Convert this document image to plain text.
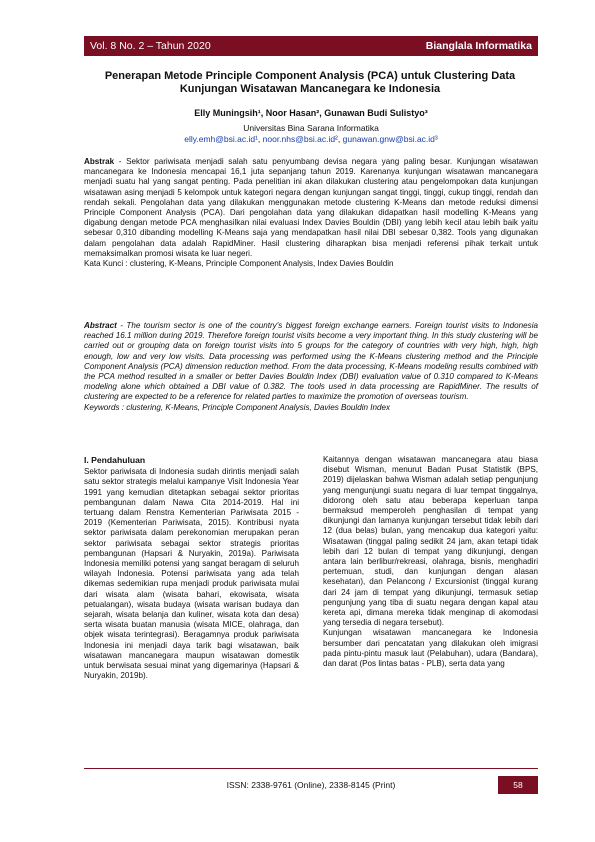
Vol. 8 No. 2 – Tahun 2020	Bianglala Informatika
Penerapan Metode Principle Component Analysis (PCA) untuk Clustering Data Kunjungan Wisatawan Mancanegara ke Indonesia
Elly Muningsih¹, Noor Hasan², Gunawan Budi Sulistyo³
Universitas Bina Sarana Informatika
elly.emh@bsi.ac.id¹, noor.nhs@bsi.ac.id², gunawan.gnw@bsi.ac.id³
Abstrak - Sektor pariwisata menjadi salah satu penyumbang devisa negara yang paling besar. Kunjungan wisatawan mancanegara ke Indonesia mencapai 16,1 juta sepanjang tahun 2019. Karenanya kunjungan wisatawan mancanegara menjadi suatu hal yang sangat penting. Pada penelitian ini akan dilakukan clustering atau pengelompokan data kunjungan wisatawan asing menjadi 5 kelompok untuk kategori negara dengan kunjungan sangat tinggi, tinggi, cukup tinggi, rendah dan rendah sekali. Pengolahan data yang dilakukan menggunakan metode clustering K-Means dan metode reduksi dimensi Principle Component Analysis (PCA). Dari pengolahan data yang dilakukan didapatkan hasil modelling K-Means yang digabung dengan metode PCA menghasilkan nilai evaluasi Index Davies Bouldin (DBI) yang lebih kecil atau lebih baik yaitu sebesar 0,310 dibanding modelling K-Means saja yang mendapatkan hasil nilai DBI sebesar 0,382. Tools yang digunakan dalam pengolahan data adalah RapidMiner. Hasil clustering diharapkan bisa menjadi referensi pihak terkait untuk memaksimalkan promosi wisata ke luar negeri.
Kata Kunci : clustering, K-Means, Principle Component Analysis, Index Davies Bouldin
Abstract - The tourism sector is one of the country's biggest foreign exchange earners. Foreign tourist visits to Indonesia reached 16.1 million during 2019. Therefore foreign tourist visits become a very important thing. In this study clustering will be carried out or grouping data on foreign tourist visits into 5 groups for the category of countries with very high, high, high enough, low and very low visits. Data processing was performed using the K-Means clustering method and the Principle Component Analysis (PCA) dimension reduction method. From the data processing, K-Means modeling results combined with the PCA method resulted in a smaller or better Davies Bouldin Index (DBI) evaluation value of 0.310 compared to K-Means modeling alone which obtained a DBI value of 0.382. The tools used in data processing are RapidMiner. The results of clustering are expected to be a reference for related parties to maximize the promotion of overseas tourism.
Keywords : clustering, K-Means, Principle Component Analysis, Davies Bouldin Index
I. Pendahuluan
Sektor pariwisata di Indonesia sudah dirintis menjadi salah satu sektor strategis melalui kampanye Visit Indonesia Year 1991 yang kemudian ditetapkan sebagai sektor prioritas pembangunan dalam Nawa Cita 2014-2019. Hal ini tertuang dalam Renstra Kementerian Pariwisata 2015 - 2019 (Kementerian Pariwisata, 2015). Kontribusi nyata sektor pariwisata dalam perekonomian merupakan peran sektor pariwisata sebagai sektor strategis prioritas pembangunan (Hapsari & Nuryakin, 2019a). Pariwisata Indonesia memiliki potensi yang sangat beragam di seluruh wilayah Indonesia. Potensi pariwisata yang ada telah dikemas sedemikian rupa menjadi produk pariwisata mulai dari wisata alam (wisata bahari, ekowisata, wisata petualangan), wisata budaya (wisata warisan budaya dan sejarah, wisata belanja dan kuliner, wisata kota dan desa) serta wisata buatan manusia (wisata MICE, olahraga, dan objek wisata terintegrasi). Beragamnya produk pariwisata Indonesia ini menjadi daya tarik bagi wisatawan, baik wisatawan mancanegara maupun wisatawan domestik untuk berwisata sesuai minat yang digemarinya (Hapsari & Nuryakin, 2019b).
Kaitannya dengan wisatawan mancanegara atau biasa disebut Wisman, menurut Badan Pusat Statistik (BPS, 2019) dijelaskan bahwa Wisman adalah setiap pengunjung yang mengunjungi suatu negara di luar tempat tinggalnya, didorong oleh satu atau beberapa keperluan tanpa bermaksud memperoleh penghasilan di tempat yang dikunjungi dan lamanya kunjungan tersebut tidak lebih dari 12 (dua belas) bulan, yang mencakup dua kategori yaitu: Wisatawan (tinggal paling sedikit 24 jam, akan tetapi tidak lebih dari 12 bulan di tempat yang dikunjungi, dengan antara lain berlibur/rekreasi, olahraga, bisnis, menghadiri pertemuan, studi, dan kunjungan dengan alasan kesehatan), dan Pelancong / Excursionist (tinggal kurang dari 24 jam di tempat yang dikunjungi, termasuk setiap pengunjung yang tiba di suatu negara dengan kapal atau kereta api, dimana mereka tidak menginap di akomodasi yang tersedia di negara tersebut).
Kunjungan wisatawan mancanegara ke Indonesia bersumber dari pencatatan yang dilakukan oleh imigrasi pada pintu-pintu masuk laut (Pelabuhan), udara (Bandara), dan darat (Pos lintas batas - PLB), serta data yang
ISSN: 2338-9761 (Online), 2338-8145 (Print)	58
